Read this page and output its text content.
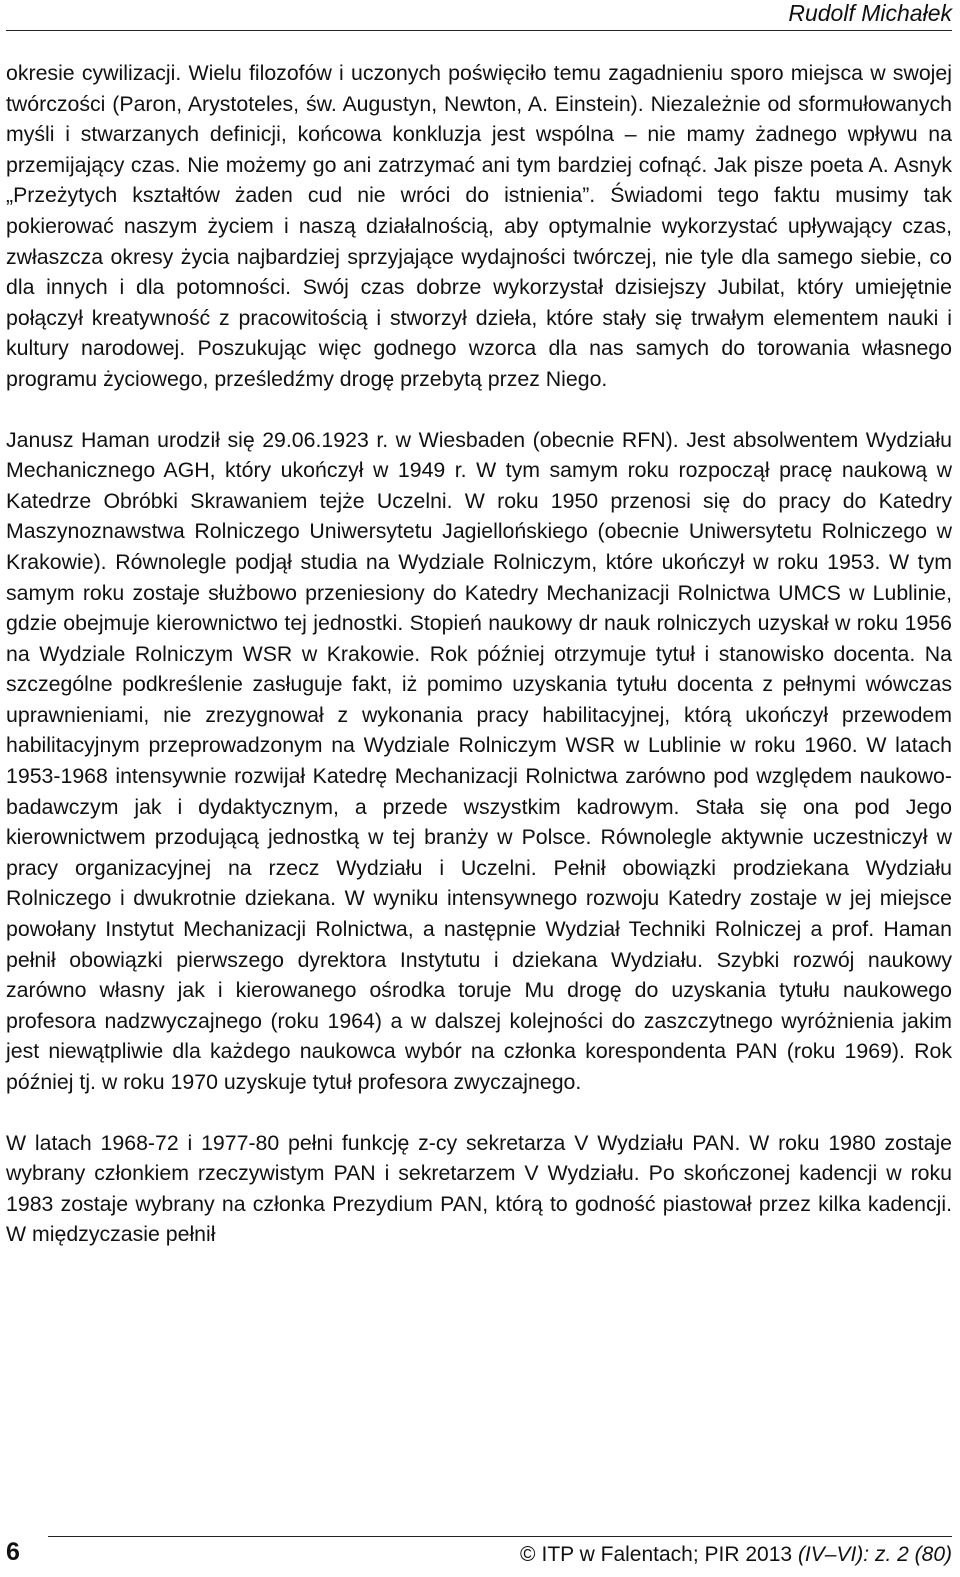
Rudolf Michałek

okresie cywilizacji. Wielu filozofów i uczonych poświęciło temu zagadnieniu sporo miejsca w swojej twórczości (Paron, Arystoteles, św. Augustyn, Newton, A. Einstein). Niezależnie od sformułowanych myśli i stwarzanych definicji, końcowa konkluzja jest wspólna – nie mamy żadnego wpływu na przemijający czas. Nie możemy go ani zatrzymać ani tym bardziej cofnąć. Jak pisze poeta A. Asnyk „Przeżytych kształtów żaden cud nie wróci do istnienia”. Świadomi tego faktu musimy tak pokierować naszym życiem i naszą działalnością, aby optymalnie wykorzystać upływający czas, zwłaszcza okresy życia najbardziej sprzyjające wydajności twórczej, nie tyle dla samego siebie, co dla innych i dla potomności. Swój czas dobrze wykorzystał dzisiejszy Jubilat, który umiejętnie połączył kreatywność z pracowitością i stworzył dzieła, które stały się trwałym elementem nauki i kultury narodowej. Poszukując więc godnego wzorca dla nas samych do torowania własnego programu życiowego, prześledźmy drogę przebytą przez Niego.

Janusz Haman urodził się 29.06.1923 r. w Wiesbaden (obecnie RFN). Jest absolwentem Wydziału Mechanicznego AGH, który ukończył w 1949 r. W tym samym roku rozpoczął pracę naukową w Katedrze Obróbki Skrawaniem tejże Uczelni. W roku 1950 przenosi się do pracy do Katedry Maszynoznawstwa Rolniczego Uniwersytetu Jagiellońskiego (obecnie Uniwersytetu Rolniczego w Krakowie). Równolegle podjął studia na Wydziale Rolniczym, które ukończył w roku 1953. W tym samym roku zostaje służbowo przeniesiony do Katedry Mechanizacji Rolnictwa UMCS w Lublinie, gdzie obejmuje kierownictwo tej jednostki. Stopień naukowy dr nauk rolniczych uzyskał w roku 1956 na Wydziale Rolniczym WSR w Krakowie. Rok później otrzymuje tytuł i stanowisko docenta. Na szczególne podkreślenie zasługuje fakt, iż pomimo uzyskania tytułu docenta z pełnymi wówczas uprawnieniami, nie zrezygnował z wykonania pracy habilitacyjnej, którą ukończył przewodem habilitacyjnym przeprowadzonym na Wydziale Rolniczym WSR w Lublinie w roku 1960. W latach 1953-1968 intensywnie rozwijał Katedrę Mechanizacji Rolnictwa zarówno pod względem naukowo-badawczym jak i dydaktycznym, a przede wszystkim kadrowym. Stała się ona pod Jego kierownictwem przodującą jednostką w tej branży w Polsce. Równolegle aktywnie uczestniczył w pracy organizacyjnej na rzecz Wydziału i Uczelni. Pełnił obowiązki prodziekana Wydziału Rolniczego i dwukrotnie dziekana. W wyniku intensywnego rozwoju Katedry zostaje w jej miejsce powołany Instytut Mechanizacji Rolnictwa, a następnie Wydział Techniki Rolniczej a prof. Haman pełnił obowiązki pierwszego dyrektora Instytutu i dziekana Wydziału. Szybki rozwój naukowy zarówno własny jak i kierowanego ośrodka toruje Mu drogę do uzyskania tytułu naukowego profesora nadzwyczajnego (roku 1964) a w dalszej kolejności do zaszczytnego wyróżnienia jakim jest niewątpliwie dla każdego naukowca wybór na członka korespondenta PAN (roku 1969). Rok później tj. w roku 1970 uzyskuje tytuł profesora zwyczajnego.

W latach 1968-72 i 1977-80 pełni funkcję z-cy sekretarza V Wydziału PAN. W roku 1980 zostaje wybrany członkiem rzeczywistym PAN i sekretarzem V Wydziału. Po skończonej kadencji w roku 1983 zostaje wybrany na członka Prezydium PAN, którą to godność piastował przez kilka kadencji. W międzyczasie pełnił

6	© ITP w Falentach; PIR 2013 (IV–VI): z. 2 (80)
